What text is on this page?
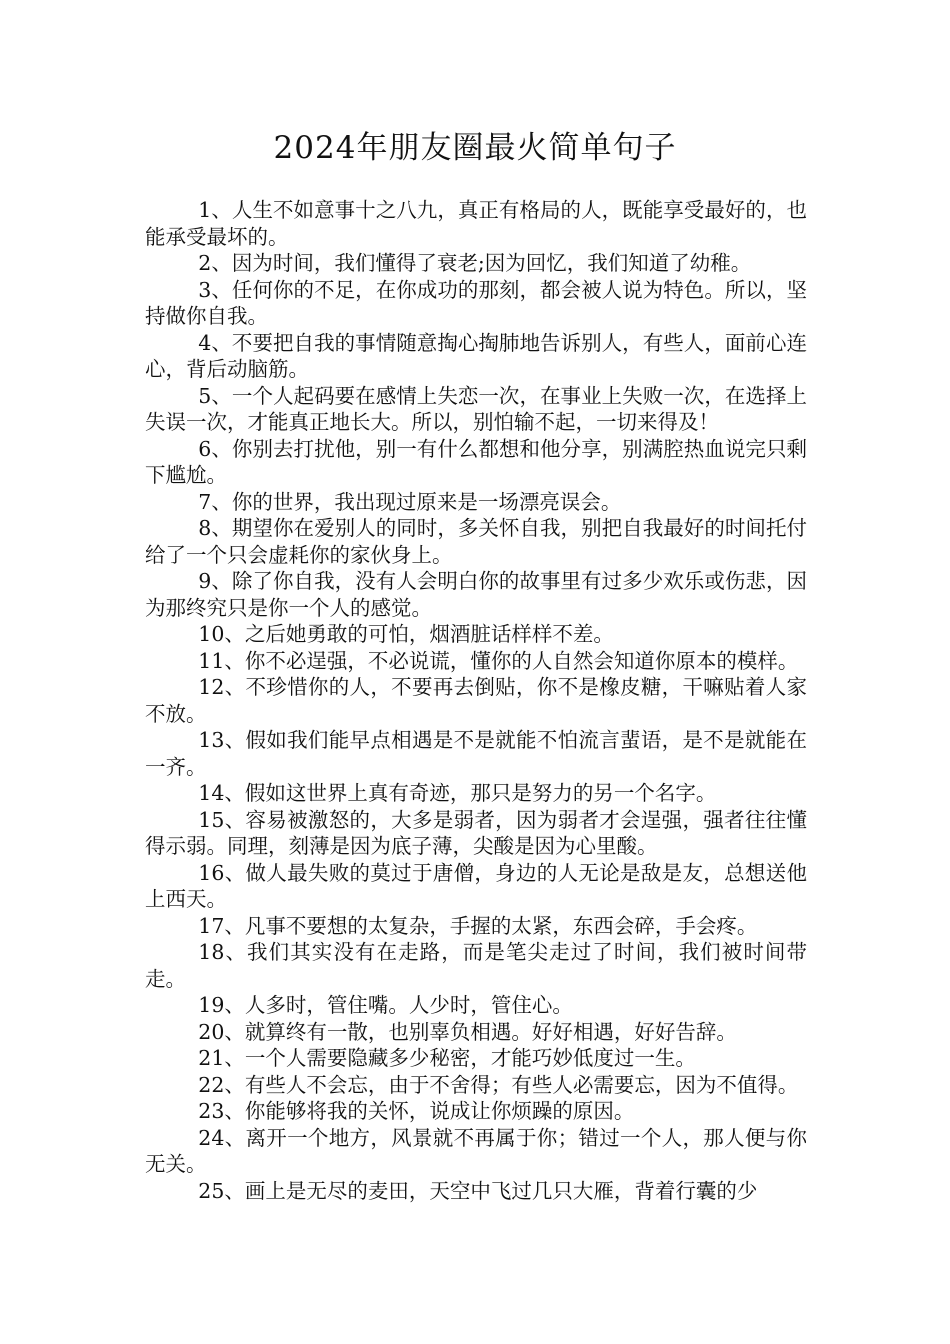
2024年朋友圈最火简单句子

1、人生不如意事十之八九，真正有格局的人，既能享受最好的，也能承受最坏的。

2、因为时间，我们懂得了衰老;因为回忆，我们知道了幼稚。

3、任何你的不足，在你成功的那刻，都会被人说为特色。所以，坚持做你自我。

4、不要把自我的事情随意掏心掏肺地告诉别人，有些人，面前心连心，背后动脑筋。

5、一个人起码要在感情上失恋一次，在事业上失败一次，在选择上失误一次，才能真正地长大。所以，别怕输不起，一切来得及！

6、你别去打扰他，别一有什么都想和他分享，别满腔热血说完只剩下尴尬。

7、你的世界，我出现过原来是一场漂亮误会。

8、期望你在爱别人的同时，多关怀自我，别把自我最好的时间托付给了一个只会虚耗你的家伙身上。

9、除了你自我，没有人会明白你的故事里有过多少欢乐或伤悲，因为那终究只是你一个人的感觉。

10、之后她勇敢的可怕，烟酒脏话样样不差。

11、你不必逞强，不必说谎，懂你的人自然会知道你原本的模样。

12、不珍惜你的人，不要再去倒贴，你不是橡皮糖，干嘛贴着人家不放。

13、假如我们能早点相遇是不是就能不怕流言蜚语，是不是就能在一齐。

14、假如这世界上真有奇迹，那只是努力的另一个名字。

15、容易被激怒的，大多是弱者，因为弱者才会逞强，强者往往懂得示弱。同理，刻薄是因为底子薄，尖酸是因为心里酸。

16、做人最失败的莫过于唐僧，身边的人无论是敌是友，总想送他上西天。

17、凡事不要想的太复杂，手握的太紧，东西会碎，手会疼。

18、我们其实没有在走路，而是笔尖走过了时间，我们被时间带走。

19、人多时，管住嘴。人少时，管住心。

20、就算终有一散，也别辜负相遇。好好相遇，好好告辞。

21、一个人需要隐藏多少秘密，才能巧妙低度过一生。

22、有些人不会忘，由于不舍得；有些人必需要忘，因为不值得。

23、你能够将我的关怀，说成让你烦躁的原因。

24、离开一个地方，风景就不再属于你；错过一个人，那人便与你无关。

25、画上是无尽的麦田，天空中飞过几只大雁，背着行囊的少
